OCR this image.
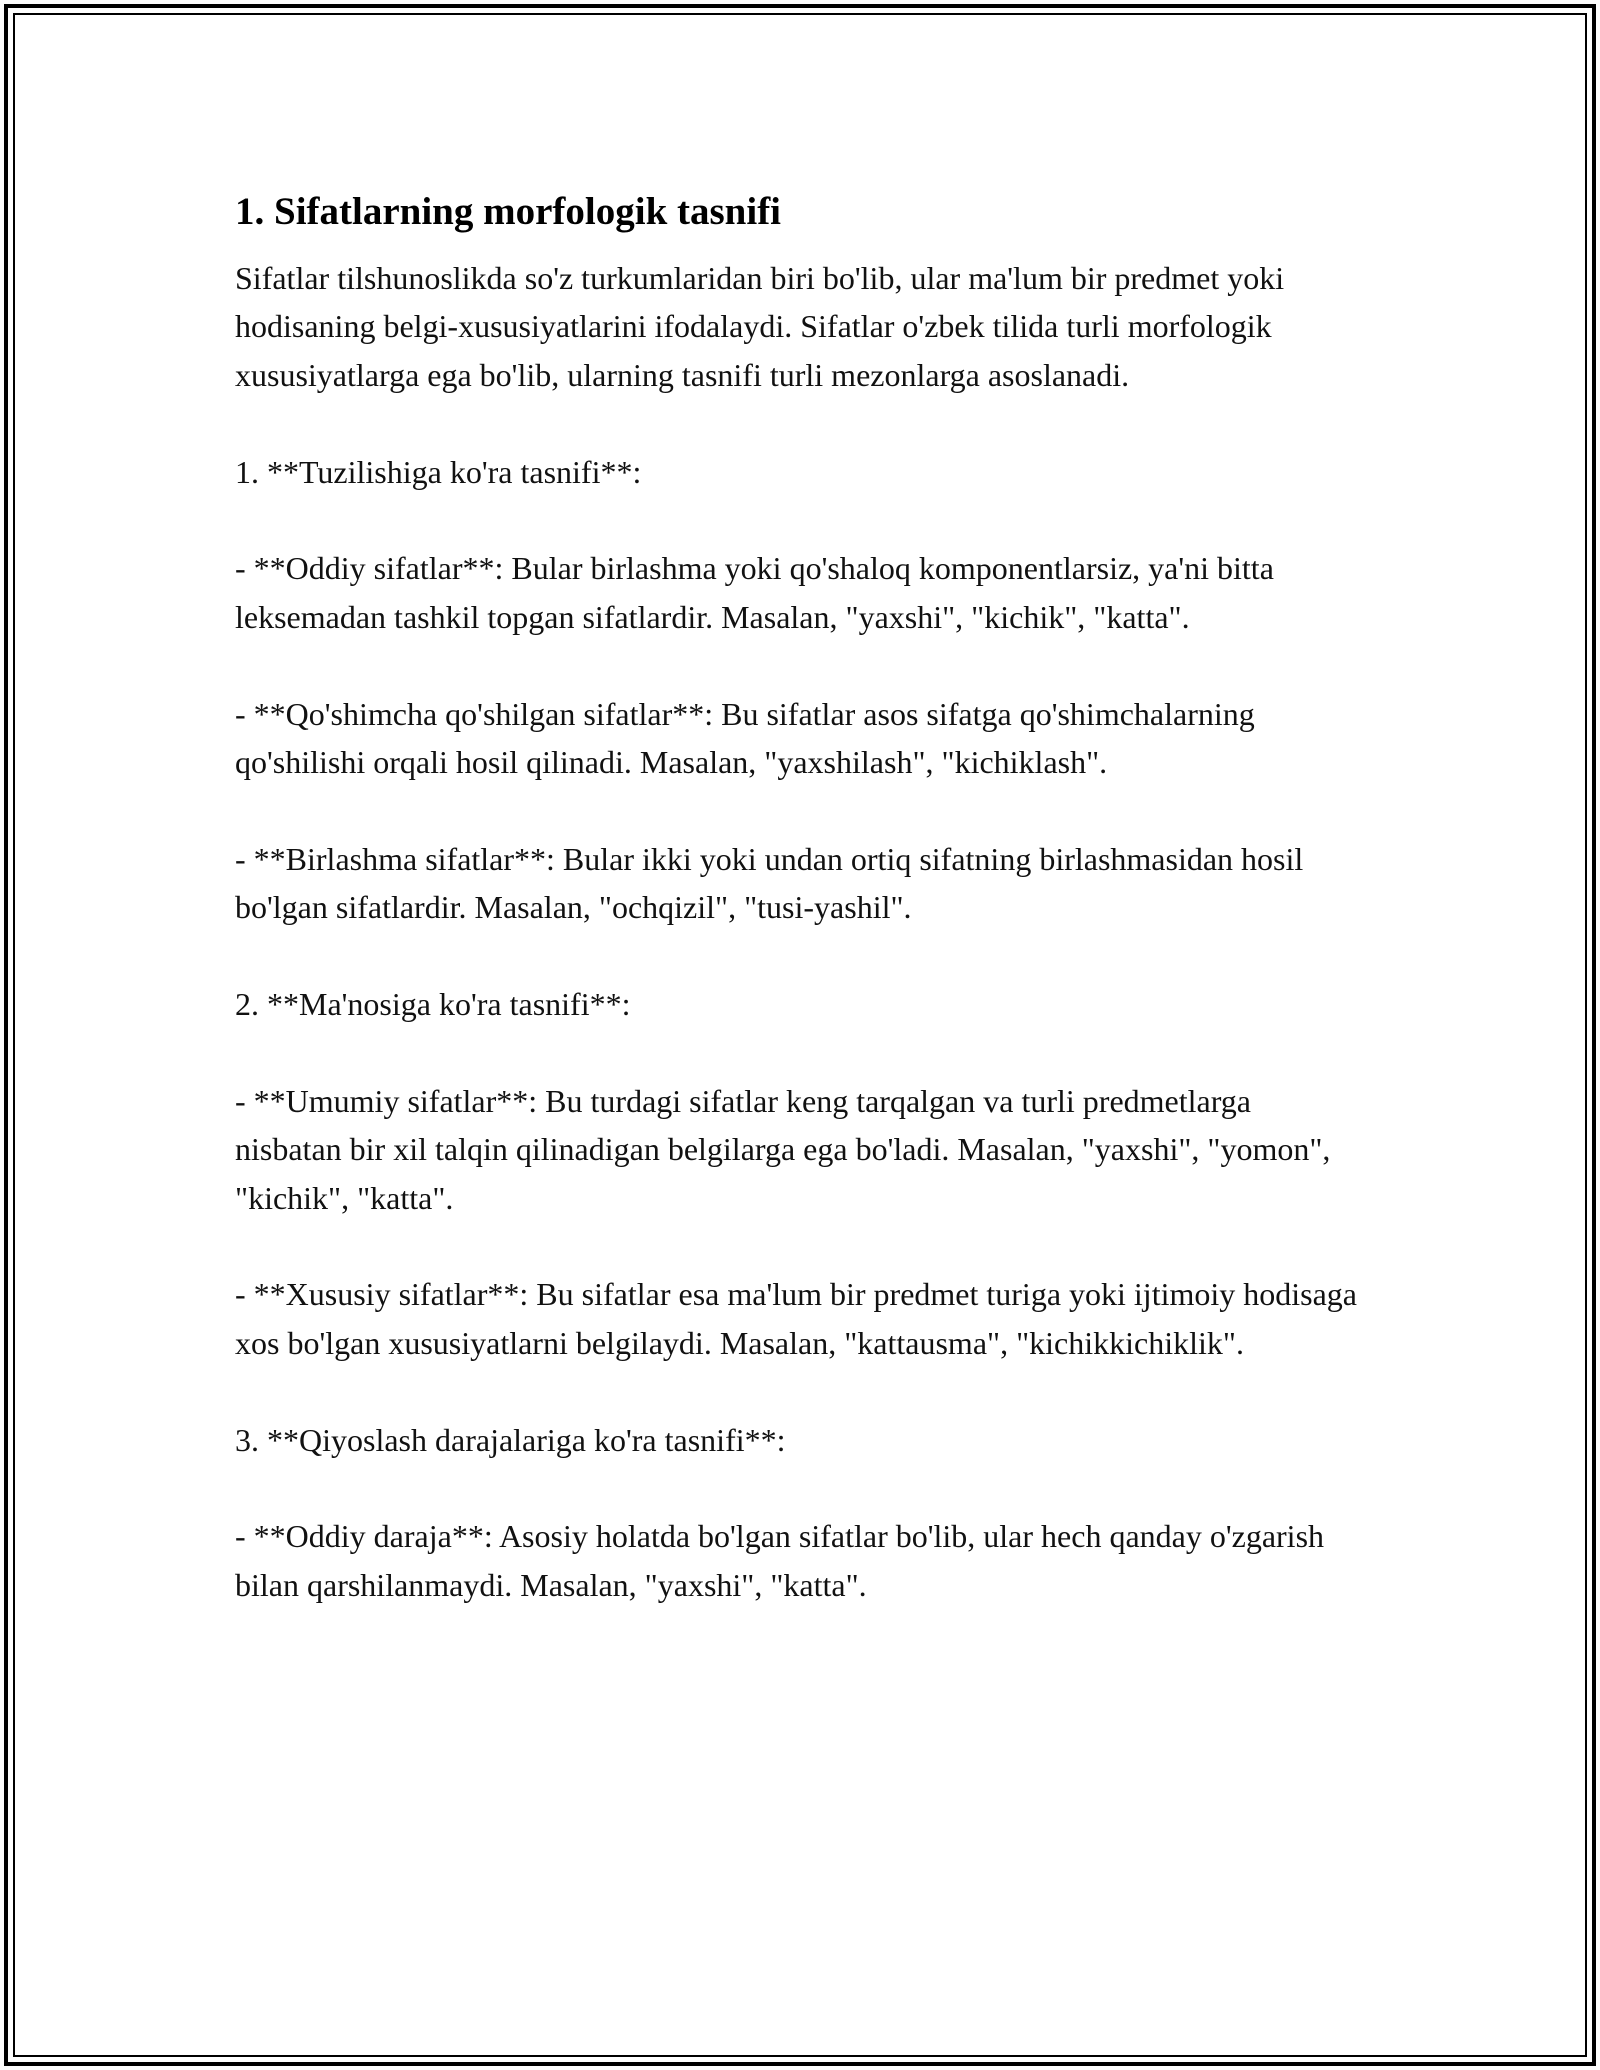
1. Sifatlarning morfologik tasnifi

Sifatlar tilshunoslikda so'z turkumlaridan biri bo'lib, ular ma'lum bir predmet yoki hodisaning belgi-xususiyatlarini ifodalaydi. Sifatlar o'zbek tilida turli morfologik xususiyatlarga ega bo'lib, ularning tasnifi turli mezonlarga asoslanadi.

1. **Tuzilishiga ko'ra tasnifi**:

- **Oddiy sifatlar**: Bular birlashma yoki qo'shaloq komponentlarsiz, ya'ni bitta leksemadan tashkil topgan sifatlardir. Masalan, "yaxshi", "kichik", "katta".

- **Qo'shimcha qo'shilgan sifatlar**: Bu sifatlar asos sifatga qo'shimchalarning qo'shilishi orqali hosil qilinadi. Masalan, "yaxshilash", "kichiklash".

- **Birlashma sifatlar**: Bular ikki yoki undan ortiq sifatning birlashmasidan hosil bo'lgan sifatlardir. Masalan, "ochqizil", "tusi-yashil".

2. **Ma'nosiga ko'ra tasnifi**:

- **Umumiy sifatlar**: Bu turdagi sifatlar keng tarqalgan va turli predmetlarga nisbatan bir xil talqin qilinadigan belgilarga ega bo'ladi. Masalan, "yaxshi", "yomon", "kichik", "katta".

- **Xususiy sifatlar**: Bu sifatlar esa ma'lum bir predmet turiga yoki ijtimoiy hodisaga xos bo'lgan xususiyatlarni belgilaydi. Masalan, "kattausma", "kichikkichiklik".

3. **Qiyoslash darajalariga ko'ra tasnifi**:

- **Oddiy daraja**: Asosiy holatda bo'lgan sifatlar bo'lib, ular hech qanday o'zgarish bilan qarshilanmaydi. Masalan, "yaxshi", "katta".
